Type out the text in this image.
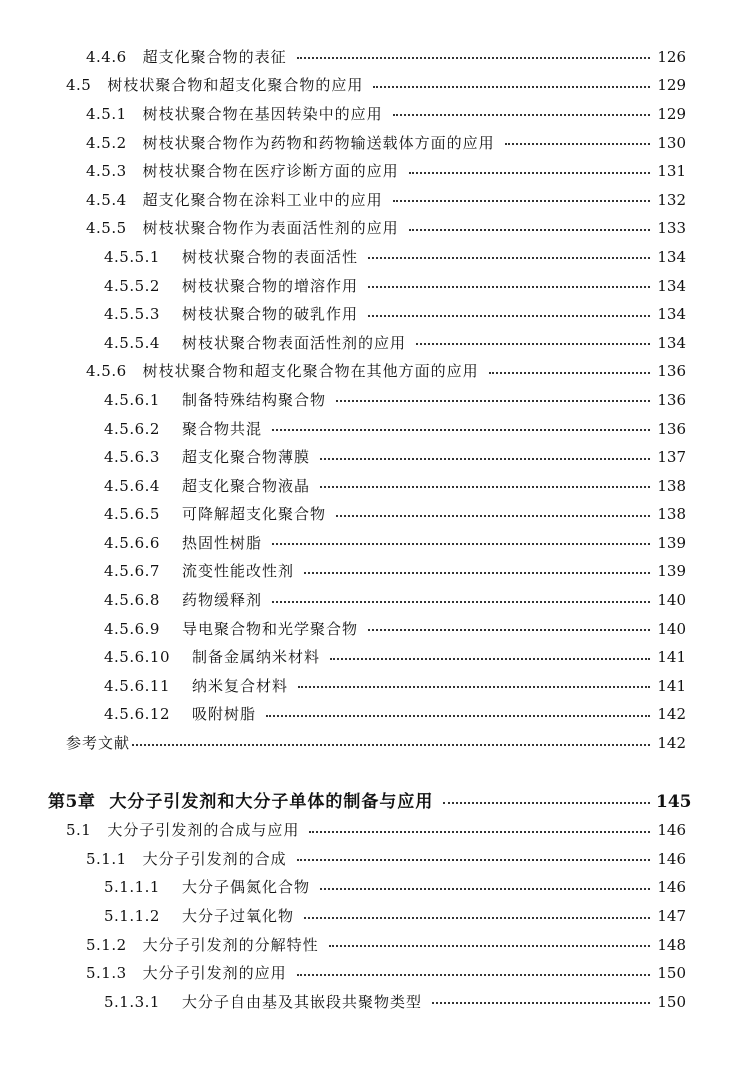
4.4.6 超支化聚合物的表征	126
4.5 树枝状聚合物和超支化聚合物的应用	129
4.5.1 树枝状聚合物在基因转染中的应用	129
4.5.2 树枝状聚合物作为药物和药物输送载体方面的应用	130
4.5.3 树枝状聚合物在医疗诊断方面的应用	131
4.5.4 超支化聚合物在涂料工业中的应用	132
4.5.5 树枝状聚合物作为表面活性剂的应用	133
4.5.5.1 树枝状聚合物的表面活性	134
4.5.5.2 树枝状聚合物的增溶作用	134
4.5.5.3 树枝状聚合物的破乳作用	134
4.5.5.4 树枝状聚合物表面活性剂的应用	134
4.5.6 树枝状聚合物和超支化聚合物在其他方面的应用	136
4.5.6.1 制备特殊结构聚合物	136
4.5.6.2 聚合物共混	136
4.5.6.3 超支化聚合物薄膜	137
4.5.6.4 超支化聚合物液晶	138
4.5.6.5 可降解超支化聚合物	138
4.5.6.6 热固性树脂	139
4.5.6.7 流变性能改性剂	139
4.5.6.8 药物缓释剂	140
4.5.6.9 导电聚合物和光学聚合物	140
4.5.6.10 制备金属纳米材料	141
4.5.6.11 纳米复合材料	141
4.5.6.12 吸附树脂	142
参考文献	142
第5章 大分子引发剂和大分子单体的制备与应用	145
5.1 大分子引发剂的合成与应用	146
5.1.1 大分子引发剂的合成	146
5.1.1.1 大分子偶氮化合物	146
5.1.1.2 大分子过氧化物	147
5.1.2 大分子引发剂的分解特性	148
5.1.3 大分子引发剂的应用	150
5.1.3.1 大分子自由基及其嵌段共聚物类型	150
